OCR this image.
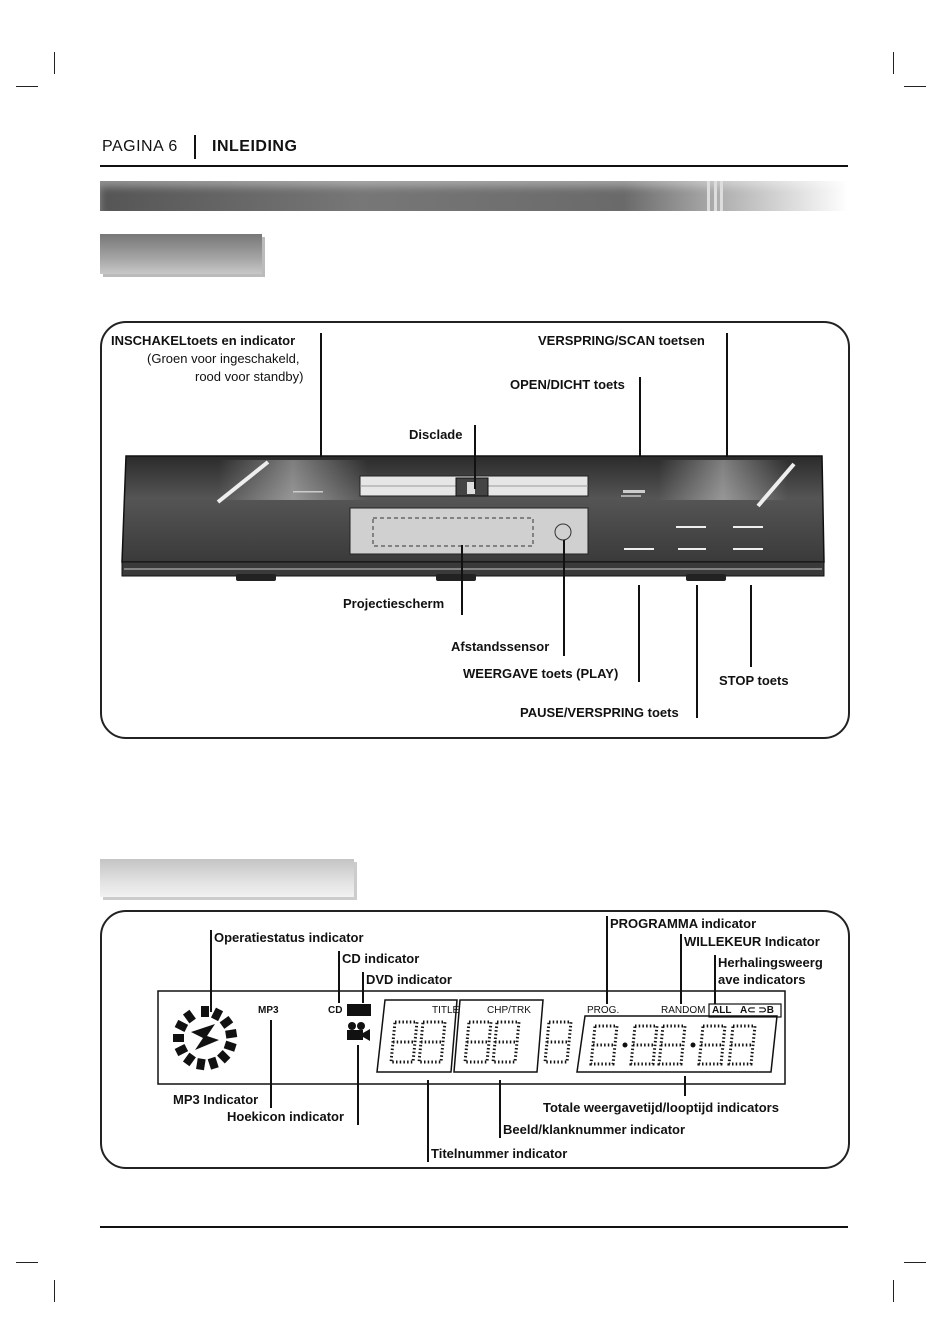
PAGINA 6 INLEIDING
INSCHAKELtoets en indicator
(Groen voor ingeschakeld,
rood voor standby)
VERSPRING/SCAN toetsen
OPEN/DICHT toets
Disclade
Projectiescherm
Afstandssensor
WEERGAVE toets (PLAY)	STOP toets
PAUSE/VERSPRING toets
MP3	CD	TITLE	CHP/TRK	PROG.	RANDOM ALL A⊂ ⊃B
Operatiestatus indicator
CD indicator
DVD indicator
PROGRAMMA indicator
WILLEKEUR Indicator
Herhalingsweerg
ave indicators
MP3 Indicator
Hoekicon indicator
Totale weergavetijd/looptijd indicators
Beeld/klanknummer indicator
Titelnummer indicator
